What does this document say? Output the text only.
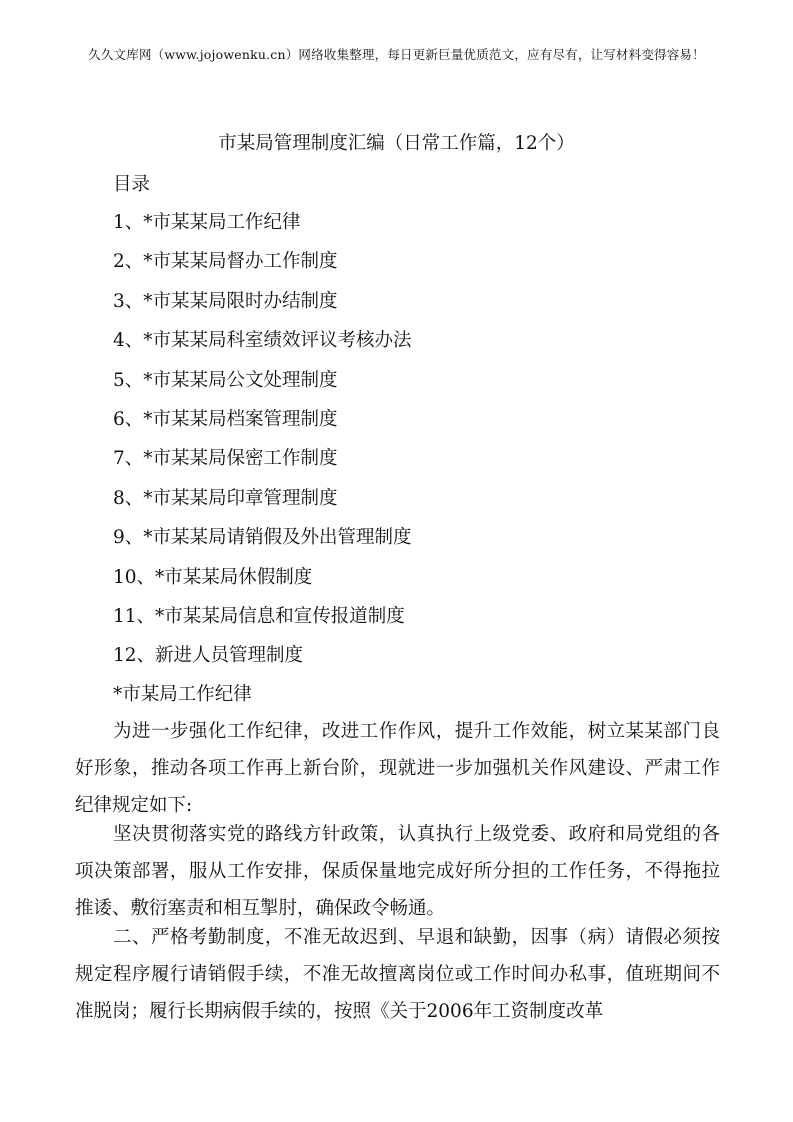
久久文库网（www.jojowenku.cn）网络收集整理，每日更新巨量优质范文，应有尽有，让写材料变得容易！
市某局管理制度汇编（日常工作篇，12个）
目录
1、*市某某局工作纪律
2、*市某某局督办工作制度
3、*市某某局限时办结制度
4、*市某某局科室绩效评议考核办法
5、*市某某局公文处理制度
6、*市某某局档案管理制度
7、*市某某局保密工作制度
8、*市某某局印章管理制度
9、*市某某局请销假及外出管理制度
10、*市某某局休假制度
11、*市某某局信息和宣传报道制度
12、新进人员管理制度
*市某局工作纪律

为进一步强化工作纪律，改进工作作风，提升工作效能，树立某某部门良好形象，推动各项工作再上新台阶，现就进一步加强机关作风建设、严肃工作纪律规定如下:

坚决贯彻落实党的路线方针政策，认真执行上级党委、政府和局党组的各项决策部署，服从工作安排，保质保量地完成好所分担的工作任务，不得拖拉推诿、敷衍塞责和相互掣肘，确保政令畅通。

二、严格考勤制度，不准无故迟到、早退和缺勤，因事（病）请假必须按规定程序履行请销假手续，不准无故擅离岗位或工作时间办私事，值班期间不准脱岗；履行长期病假手续的，按照《关于2006年工资制度改革
